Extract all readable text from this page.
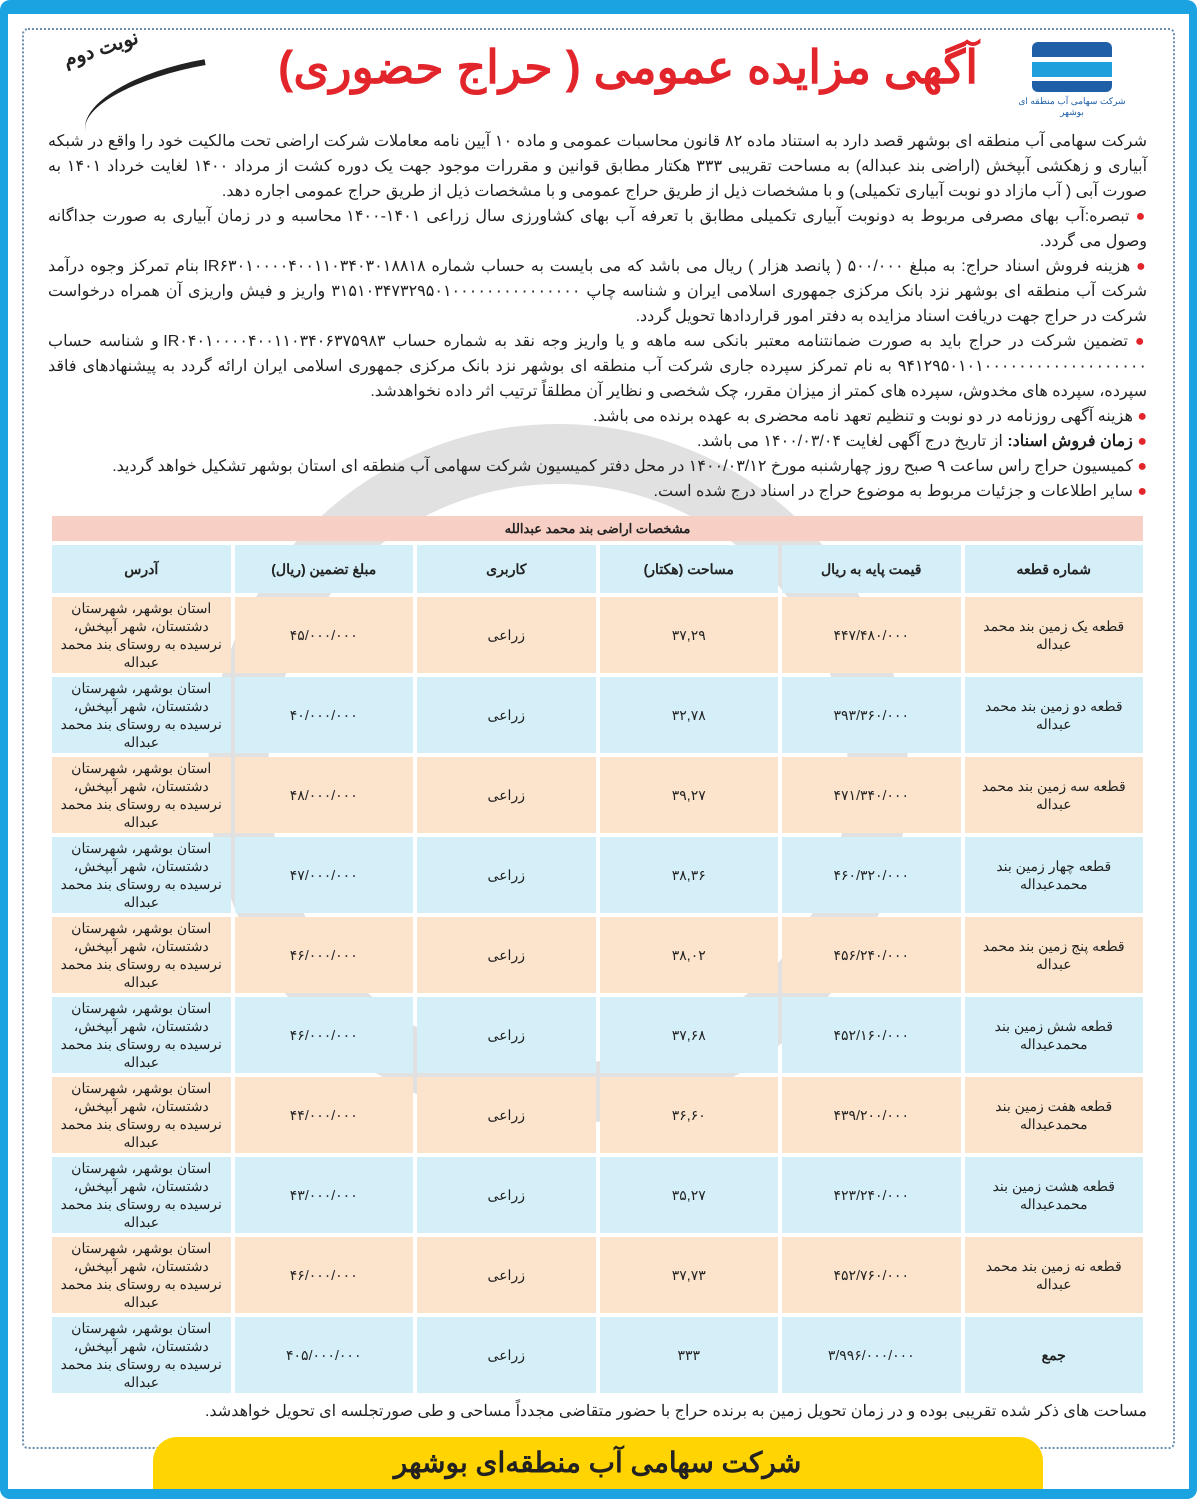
شرکت سهامی آب منطقه ای بوشهر
آگهی مزایده عمومی ( حراج حضوری)
نوبت دوم

شرکت سهامی آب منطقه ای بوشهر قصد دارد به استناد ماده ۸۲ قانون محاسبات عمومی و ماده ۱۰ آیین نامه معاملات شرکت اراضی تحت مالکیت خود را واقع در شبکه آبیاری و زهکشی آبپخش (اراضی بند عبداله) به مساحت تقریبی ۳۳۳ هکتار مطابق قوانین و مقررات موجود جهت یک دوره کشت از مرداد ۱۴۰۰ لغایت خرداد ۱۴۰۱ به صورت آبی ( آب مازاد دو نوبت آبیاری تکمیلی) و با مشخصات ذیل از طریق حراج عمومی و با مشخصات ذیل از طریق حراج عمومی اجاره دهد.

● تبصره:آب بهای مصرفی مربوط به دونوبت آبیاری تکمیلی مطابق با تعرفه آب بهای کشاورزی سال زراعی ۱۴۰۱-۱۴۰۰ محاسبه و در زمان آبیاری به صورت جداگانه وصول می گردد.

● هزینه فروش اسناد حراج: به مبلغ ۵۰۰/۰۰۰ ( پانصد هزار ) ریال می باشد که می بایست به حساب شماره IR۶۳۰۱۰۰۰۰۴۰۰۱۱۰۳۴۰۳۰۱۸۸۱۸ بنام تمرکز وجوه درآمد شرکت آب منطقه ای بوشهر نزد بانک مرکزی جمهوری اسلامی ایران و شناسه چاپ ۳۱۵۱۰۳۴۷۳۲۹۵۰۱۰۰۰۰۰۰۰۰۰۰۰۰۰۰۰ واریز و فیش واریزی آن همراه درخواست شرکت در حراج جهت دریافت اسناد مزایده به دفتر امور قراردادها تحویل گردد.

● تضمین شرکت در حراج باید به صورت ضمانتنامه معتبر بانکی سه ماهه و یا واریز وجه نقد به شماره حساب IR۰۴۰۱۰۰۰۰۴۰۰۱۱۰۳۴۰۶۳۷۵۹۸۳ و شناسه حساب ۹۴۱۲۹۵۰۱۰۱۰۰۰۰۰۰۰۰۰۰۰۰۰۰۰۰۰۰۰ به نام تمرکز سپرده جاری شرکت آب منطقه ای بوشهر نزد بانک مرکزی جمهوری اسلامی ایران ارائه گردد به پیشنهادهای فاقد سپرده، سپرده های مخدوش، سپرده های کمتر از میزان مقرر، چک شخصی و نظایر آن مطلقاً ترتیب اثر داده نخواهدشد.

● هزینه آگهی روزنامه در دو نوبت و تنظیم تعهد نامه محضری به عهده برنده می باشد.

● زمان فروش اسناد: از تاریخ درج آگهی لغایت ۱۴۰۰/۰۳/۰۴ می باشد.

● کمیسیون حراج راس ساعت ۹ صبح روز چهارشنبه مورخ ۱۴۰۰/۰۳/۱۲ در محل دفتر کمیسیون شرکت سهامی آب منطقه ای استان بوشهر تشکیل خواهد گردید.

● سایر اطلاعات و جزئیات مربوط به موضوع حراج در اسناد درج شده است.

مشخصات اراضی بند محمد عبدالله					
شماره قطعه	قیمت پایه به ریال	مساحت (هکتار)	کاربری	مبلغ تضمین (ریال)	آدرس
قطعه یک زمین بند محمد عبداله	۴۴۷/۴۸۰/۰۰۰	۳۷,۲۹	زراعی	۴۵/۰۰۰/۰۰۰	استان بوشهر، شهرستان دشتستان، شهر آبپخش، نرسیده به روستای بند محمد عبداله
قطعه دو زمین بند محمد عبداله	۳۹۳/۳۶۰/۰۰۰	۳۲,۷۸	زراعی	۴۰/۰۰۰/۰۰۰	استان بوشهر، شهرستان دشتستان، شهر آبپخش، نرسیده به روستای بند محمد عبداله
قطعه سه زمین بند محمد عبداله	۴۷۱/۳۴۰/۰۰۰	۳۹,۲۷	زراعی	۴۸/۰۰۰/۰۰۰	استان بوشهر، شهرستان دشتستان، شهر آبپخش، نرسیده به روستای بند محمد عبداله
قطعه چهار زمین بند محمدعبداله	۴۶۰/۳۲۰/۰۰۰	۳۸,۳۶	زراعی	۴۷/۰۰۰/۰۰۰	استان بوشهر، شهرستان دشتستان، شهر آبپخش، نرسیده به روستای بند محمد عبداله
قطعه پنج زمین بند محمد عبداله	۴۵۶/۲۴۰/۰۰۰	۳۸,۰۲	زراعی	۴۶/۰۰۰/۰۰۰	استان بوشهر، شهرستان دشتستان، شهر آبپخش، نرسیده به روستای بند محمد عبداله
قطعه شش زمین بند محمدعبداله	۴۵۲/۱۶۰/۰۰۰	۳۷,۶۸	زراعی	۴۶/۰۰۰/۰۰۰	استان بوشهر، شهرستان دشتستان، شهر آبپخش، نرسیده به روستای بند محمد عبداله
قطعه هفت زمین بند محمدعبداله	۴۳۹/۲۰۰/۰۰۰	۳۶,۶۰	زراعی	۴۴/۰۰۰/۰۰۰	استان بوشهر، شهرستان دشتستان، شهر آبپخش، نرسیده به روستای بند محمد عبداله
قطعه هشت زمین بند محمدعبداله	۴۲۳/۲۴۰/۰۰۰	۳۵,۲۷	زراعی	۴۳/۰۰۰/۰۰۰	استان بوشهر، شهرستان دشتستان، شهر آبپخش، نرسیده به روستای بند محمد عبداله
قطعه نه زمین بند محمد عبداله	۴۵۲/۷۶۰/۰۰۰	۳۷,۷۳	زراعی	۴۶/۰۰۰/۰۰۰	استان بوشهر، شهرستان دشتستان، شهر آبپخش، نرسیده به روستای بند محمد عبداله
جمع	۳/۹۹۶/۰۰۰/۰۰۰	۳۳۳	زراعی	۴۰۵/۰۰۰/۰۰۰	استان بوشهر، شهرستان دشتستان، شهر آبپخش، نرسیده به روستای بند محمد عبداله
مساحت های ذکر شده تقریبی بوده و در زمان تحویل زمین به برنده حراج با حضور متقاضی مجدداً مساحی و طی صورتجلسه ای تحویل خواهدشد.
شرکت سهامی آب منطقه‌ای بوشهر
